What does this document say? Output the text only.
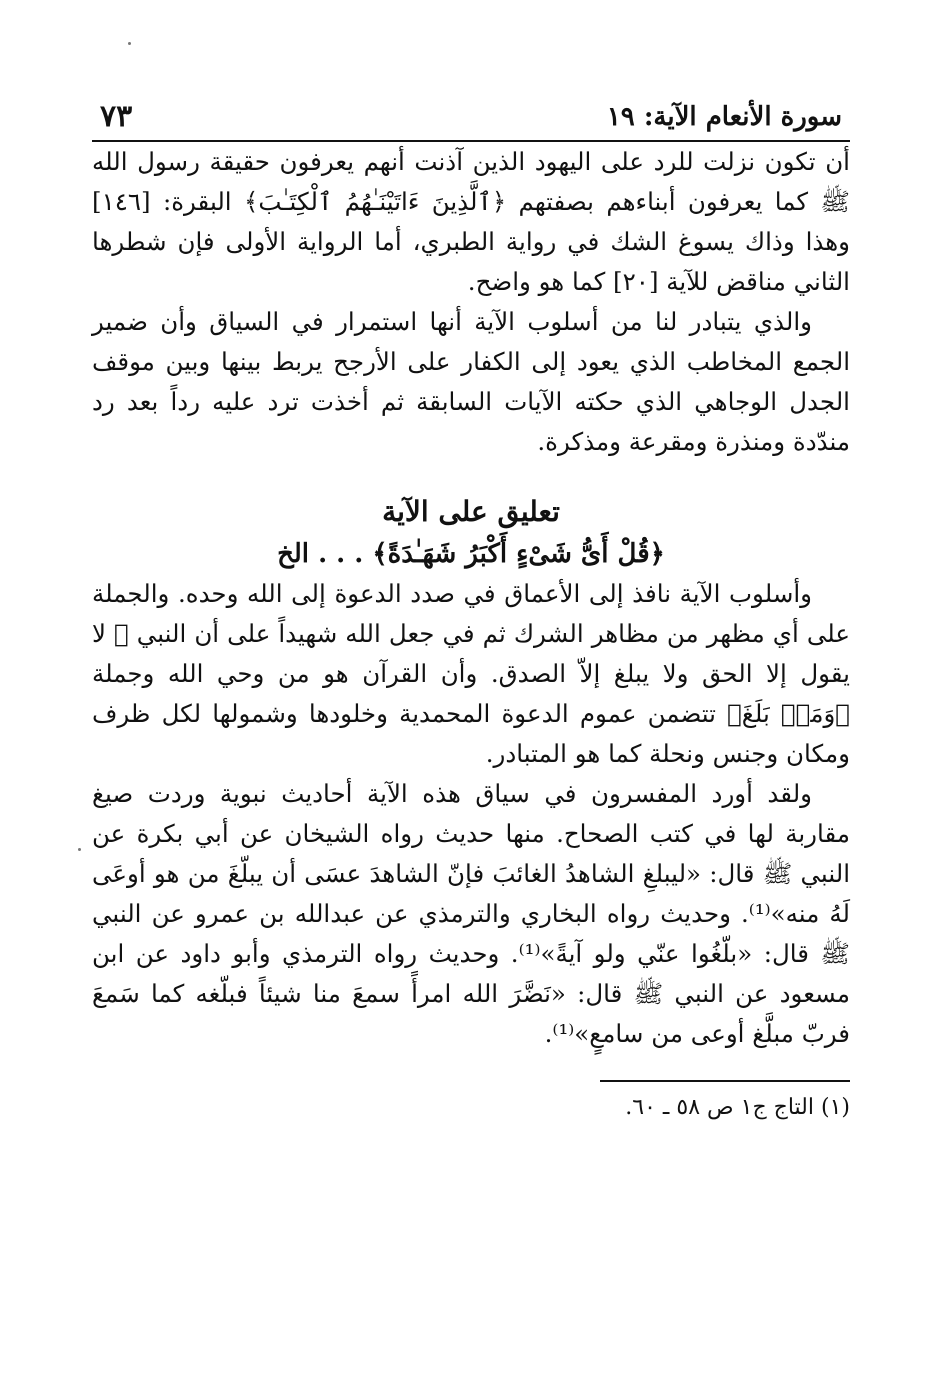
سورة الأنعام الآية: ١٩
٧٣

أن تكون نزلت للرد على اليهود الذين آذنت أنهم يعرفون حقيقة رسول الله ﷺ كما يعرفون أبناءهم بصفتهم ﴿ٱلَّذِينَ ءَاتَيْنَـٰهُمُ ٱلْكِتَـٰبَ﴾ البقرة: [١٤٦] وهذا وذاك يسوغ الشك في رواية الطبري، أما الرواية الأولى فإن شطرها الثاني مناقض للآية [٢٠] كما هو واضح.

والذي يتبادر لنا من أسلوب الآية أنها استمرار في السياق وأن ضمير الجمع المخاطب الذي يعود إلى الكفار على الأرجح يربط بينها وبين موقف الجدل الوجاهي الذي حكته الآيات السابقة ثم أخذت ترد عليه رداً بعد رد مندّدة ومنذرة ومقرعة ومذكرة.

تعليق على الآية
﴿قُلْ أَىُّ شَىْءٍ أَكْبَرُ شَهَـٰدَةً﴾ . . . الخ

وأسلوب الآية نافذ إلى الأعماق في صدد الدعوة إلى الله وحده. والجملة على أي مظهر من مظاهر الشرك ثم في جعل الله شهيداً على أن النبي ﷺ لا يقول إلا الحق ولا يبلغ إلاّ الصدق. وأن القرآن هو من وحي الله وجملة ﴿وَمَنۢ بَلَغَ﴾ تتضمن عموم الدعوة المحمدية وخلودها وشمولها لكل ظرف ومكان وجنس ونحلة كما هو المتبادر.

ولقد أورد المفسرون في سياق هذه الآية أحاديث نبوية وردت صيغ مقاربة لها في كتب الصحاح. منها حديث رواه الشيخان عن أبي بكرة عن النبي ﷺ قال: «ليبلغِ الشاهدُ الغائبَ فإنّ الشاهدَ عسَى أن يبلّغَ من هو أوعَى لَهُ منه»⁽¹⁾. وحديث رواه البخاري والترمذي عن عبدالله بن عمرو عن النبي ﷺ قال: «بلّغُوا عنّي ولو آيةً»⁽¹⁾. وحديث رواه الترمذي وأبو داود عن ابن مسعود عن النبي ﷺ قال: «نَضَّرَ الله امرأً سمعَ منا شيئاً فبلّغه كما سَمعَ فربّ مبلَّغ أوعى من سامعٍ»⁽¹⁾.

(١) التاج ج١ ص ٥٨ ـ ٦٠.
